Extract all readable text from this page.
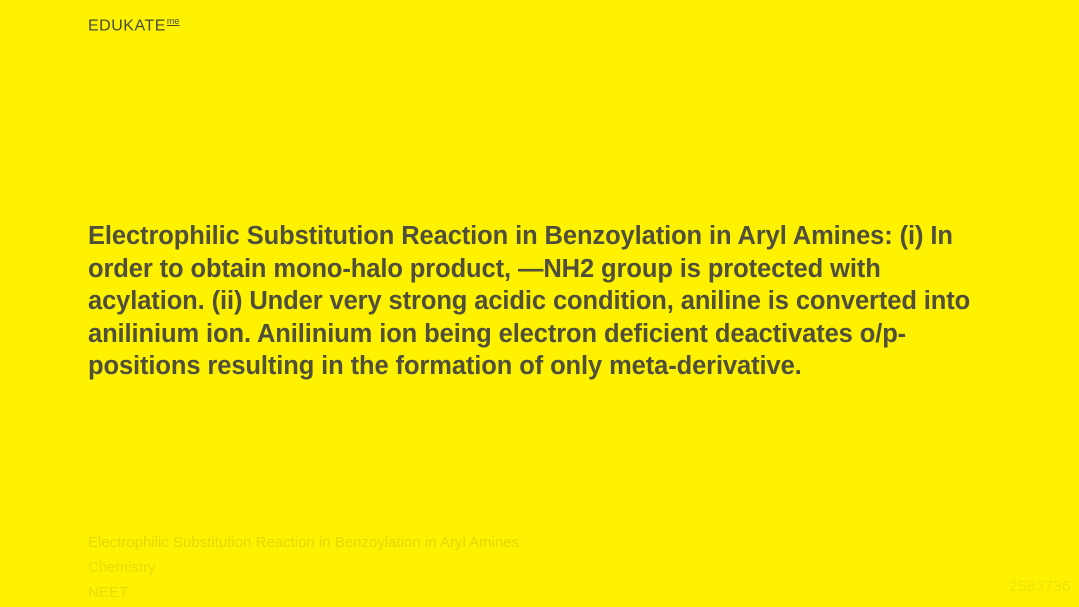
$EDUKATE^{me}$
Electrophilic Substitution Reaction in Benzoylation in Aryl Amines: (i) In order to obtain mono-halo product, —NH2 group is protected with acylation. (ii) Under very strong acidic condition, aniline is converted into anilinium ion. Anilinium ion being electron deficient deactivates o/p-positions resulting in the formation of only meta-derivative.
Electrophilic Substitution Reaction in Benzoylation in Aryl Amines
Chemistry
NEET	2583736
